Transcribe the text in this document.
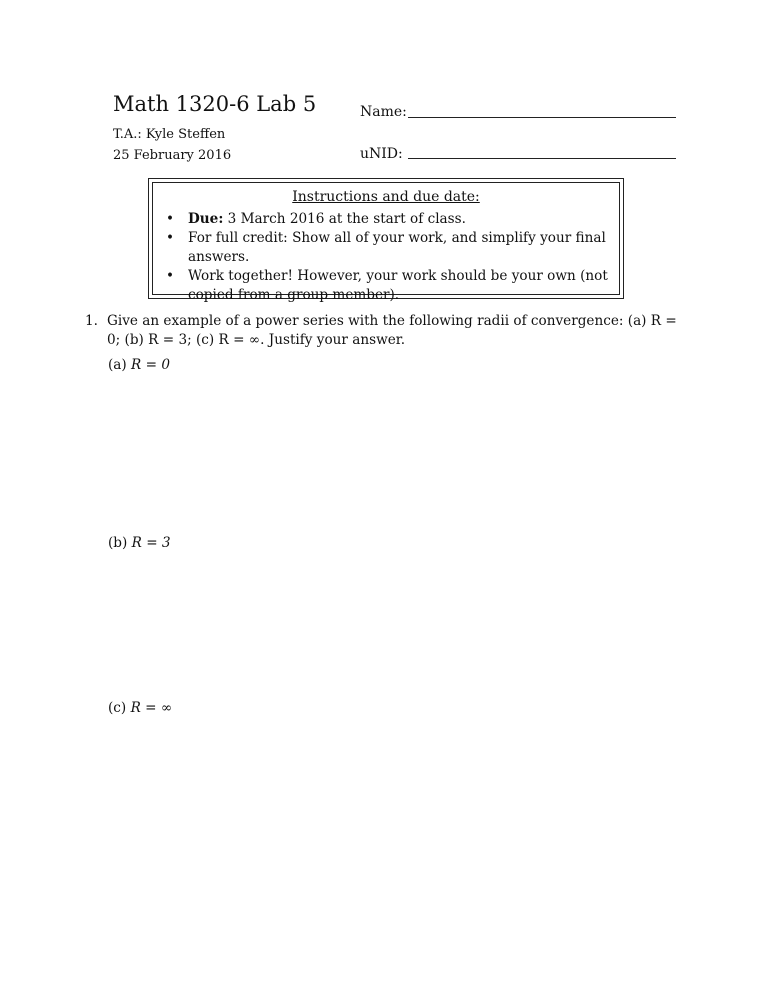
Math 1320-6 Lab 5	Name:
T.A.: Kyle Steffen
25 February 2016	uNID:
Instructions and due date:
• Due: 3 March 2016 at the start of class.
• For full credit: Show all of your work, and simplify your final answers.
• Work together! However, your work should be your own (not copied from a group member).
1. Give an example of a power series with the following radii of convergence: (a) R = 0; (b) R = 3; (c) R = ∞. Justify your answer.
(a) R = 0
(b) R = 3
(c) R = ∞
